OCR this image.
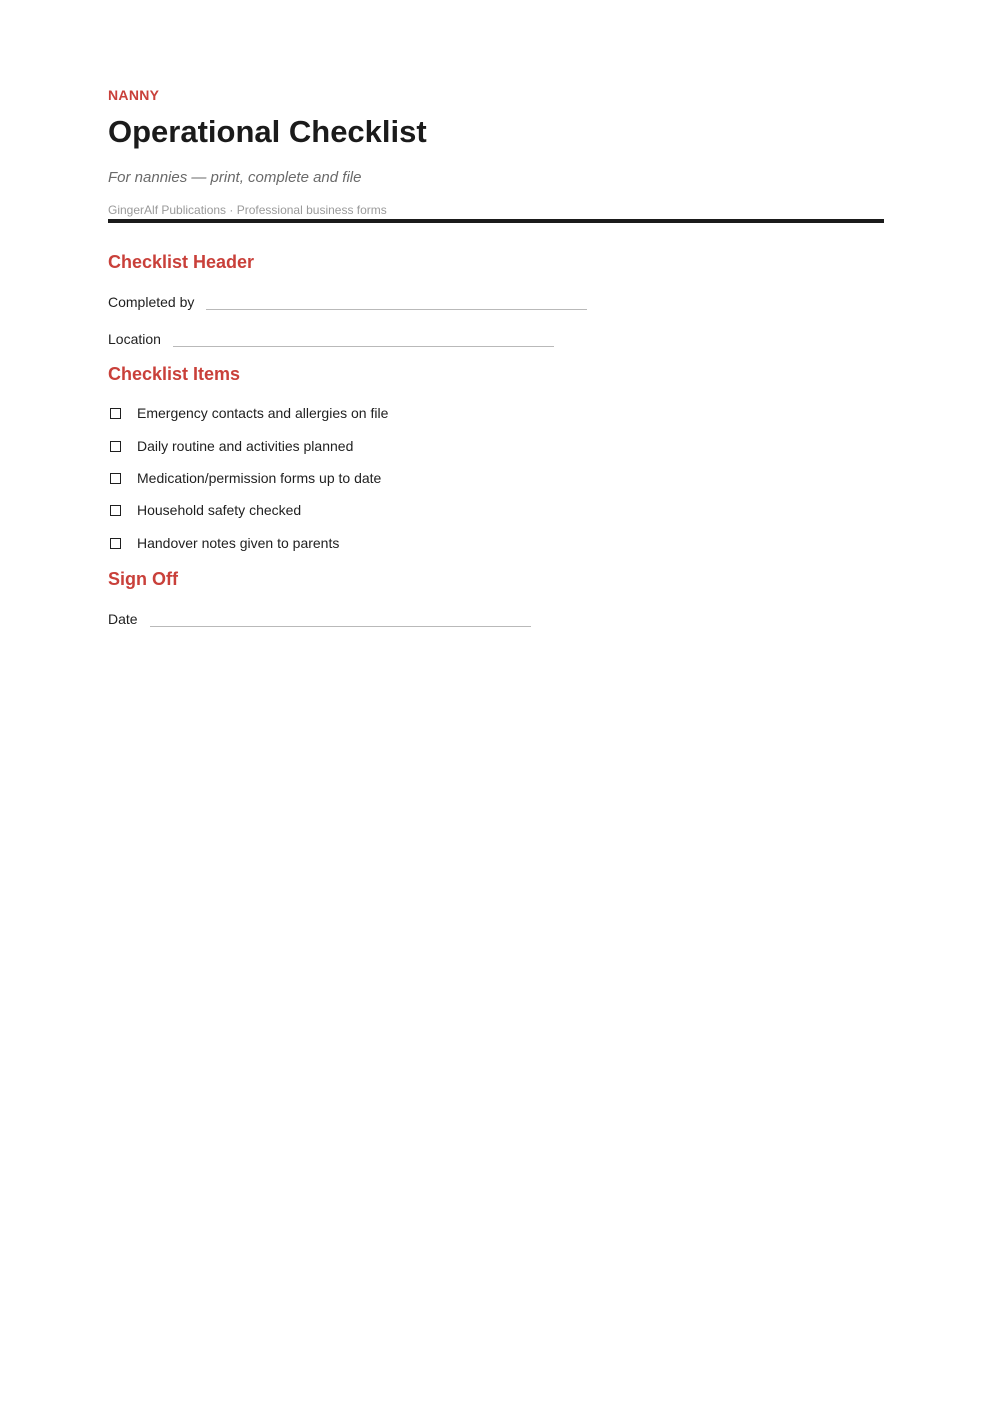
NANNY
Operational Checklist
For nannies — print, complete and file
GingerAlf Publications · Professional business forms
Checklist Header
Completed by
Location
Checklist Items
Emergency contacts and allergies on file
Daily routine and activities planned
Medication/permission forms up to date
Household safety checked
Handover notes given to parents
Sign Off
Date
